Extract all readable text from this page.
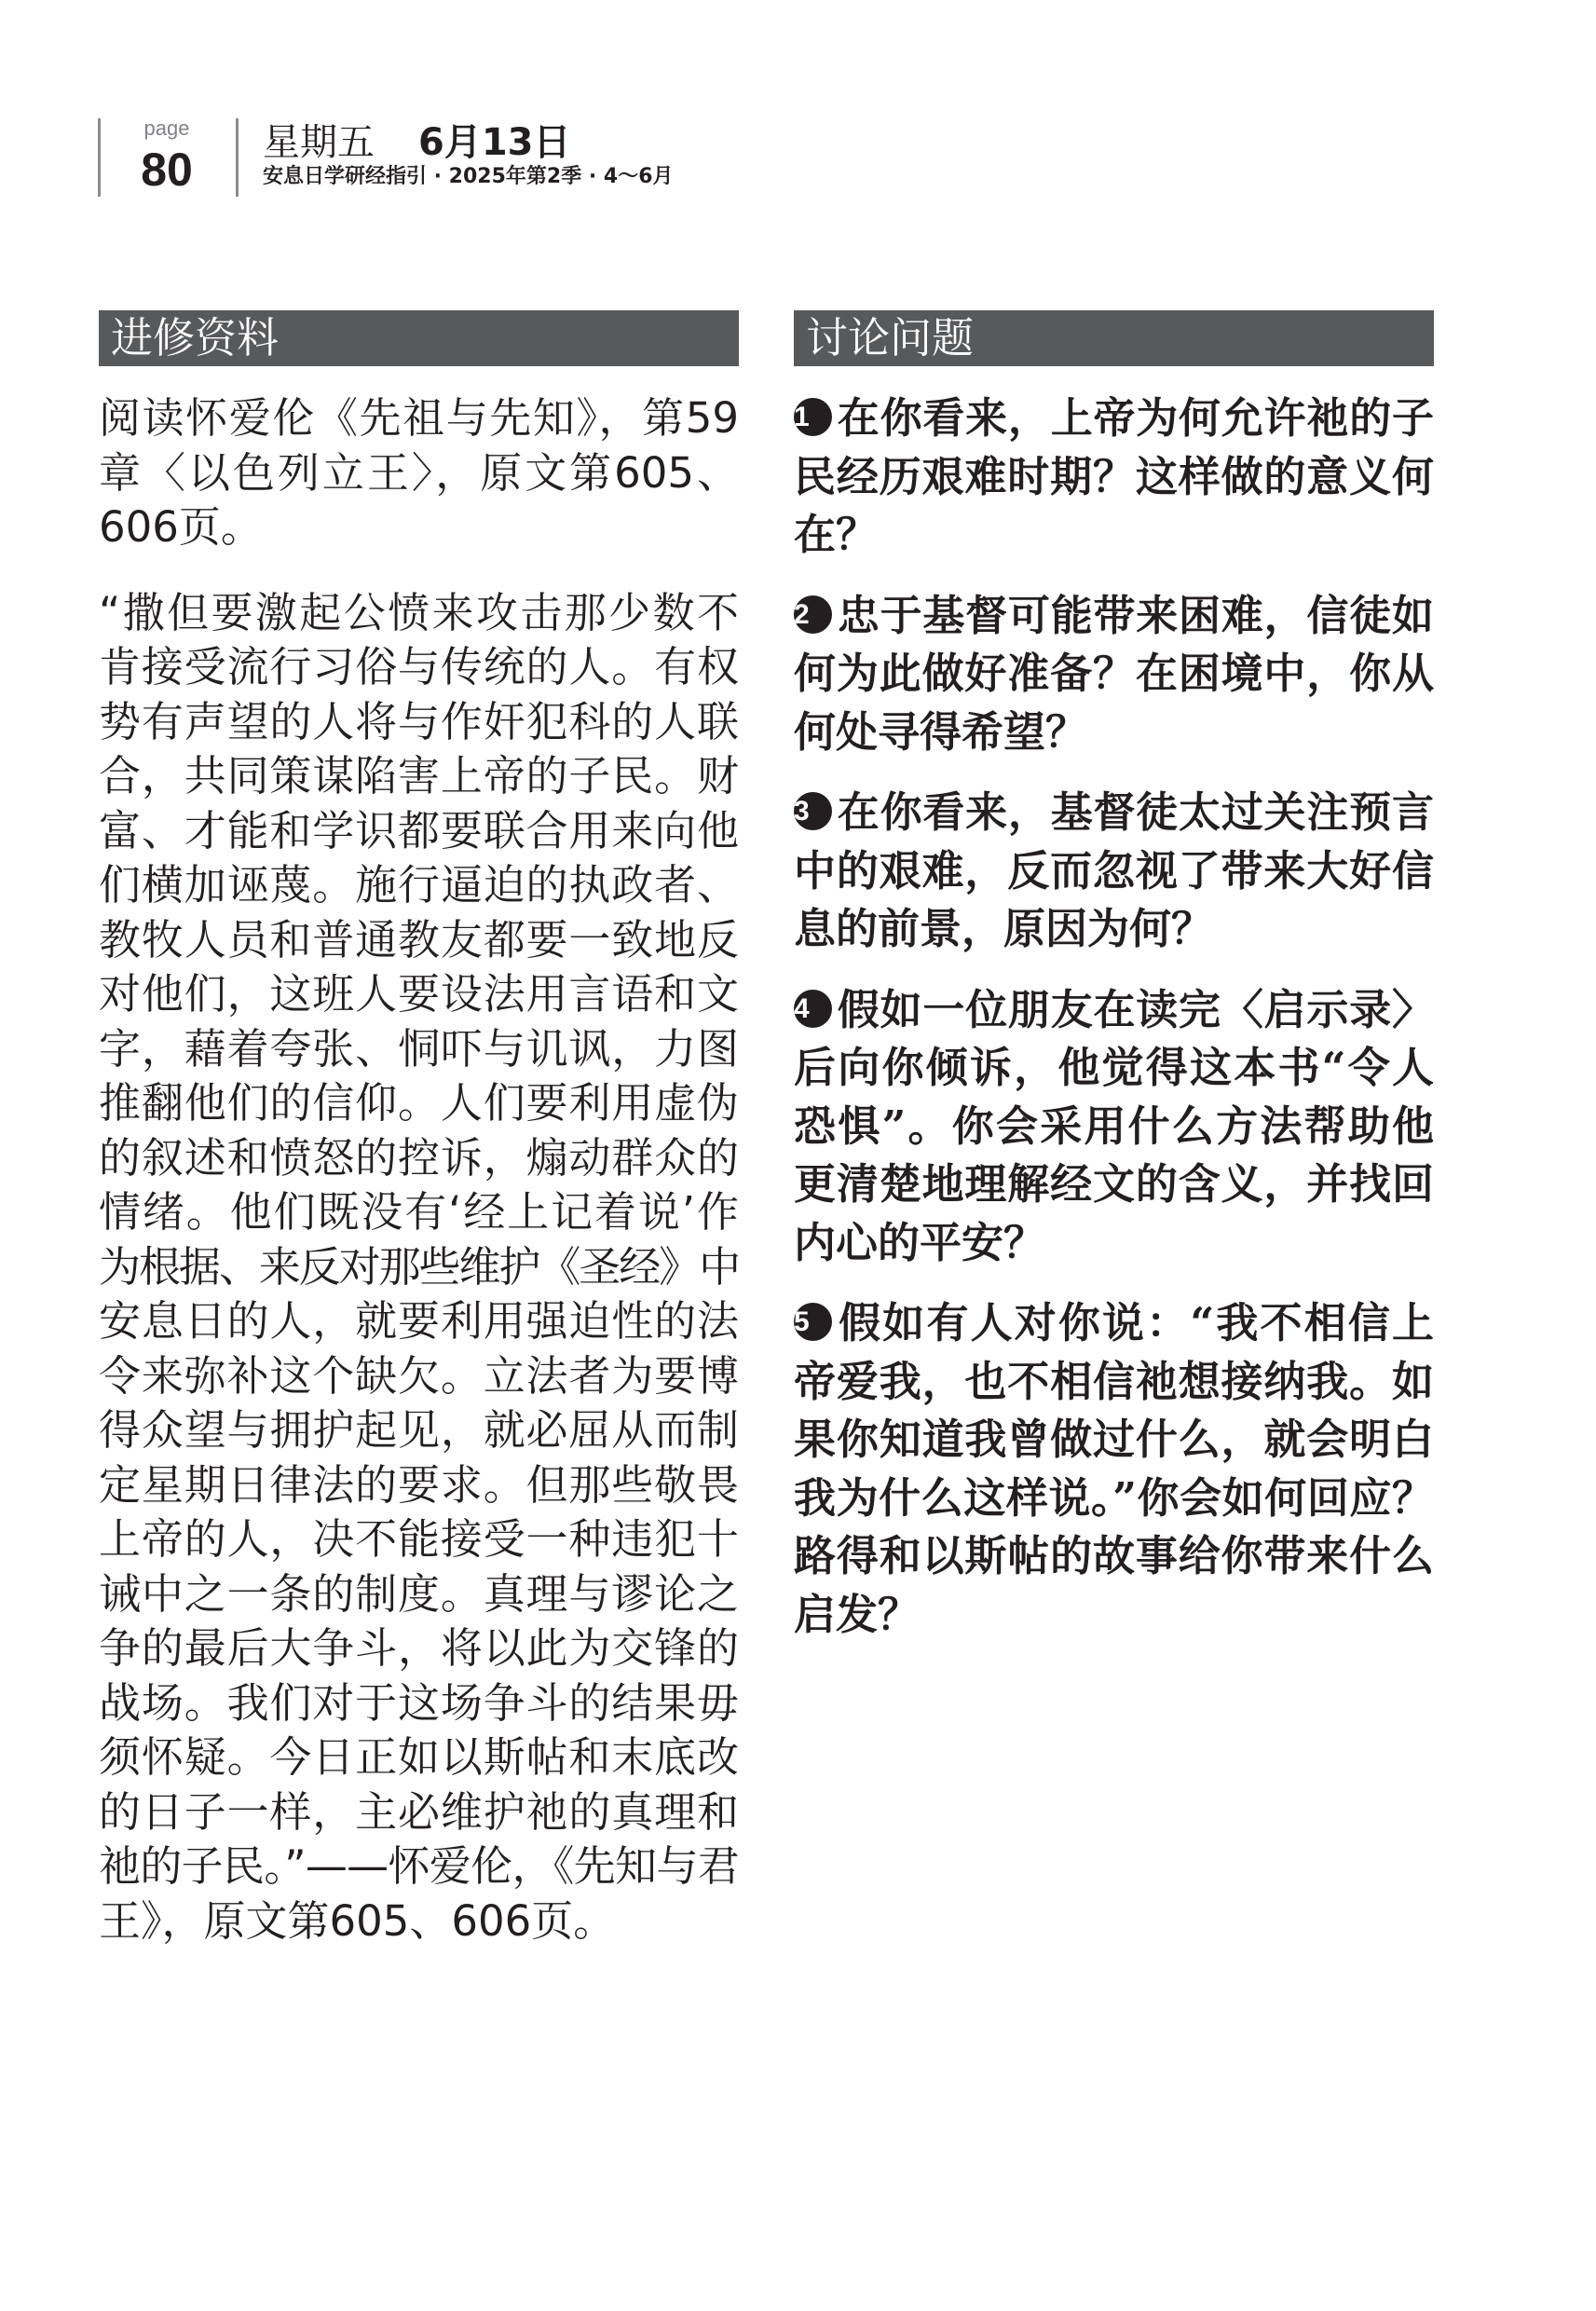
page
80
星期五 6月13日
安息日学研经指引 · 2025年第2季 · 4～6月
进修资料	讨论问题
阅读怀爱伦《先祖与先知》，第59
章〈以色列立王〉，原文第605、
606页。
“撒但要激起公愤来攻击那少数不
肯接受流行习俗与传统的人。有权
势有声望的人将与作奸犯科的人联
合，共同策谋陷害上帝的子民。财
富、才能和学识都要联合用来向他
们横加诬蔑。施行逼迫的执政者、
教牧人员和普通教友都要一致地反
对他们，这班人要设法用言语和文
字，藉着夸张、恫吓与讥讽，力图
推翻他们的信仰。人们要利用虚伪
的叙述和愤怒的控诉，煽动群众的
情绪。他们既没有‘经上记着说’作
为根据、来反对那些维护《圣经》中
安息日的人，就要利用强迫性的法
令来弥补这个缺欠。立法者为要博
得众望与拥护起见，就必屈从而制
定星期日律法的要求。但那些敬畏
上帝的人，决不能接受一种违犯十
诫中之一条的制度。真理与谬论之
争的最后大争斗，将以此为交锋的
战场。我们对于这场争斗的结果毋
须怀疑。今日正如以斯帖和末底改
的日子一样，主必维护祂的真理和
祂的子民。”——怀爱伦，《先知与君
王》，原文第605、606页。
1 在你看来，上帝为何允许祂的子
民经历艰难时期？这样做的意义何
在？
2 忠于基督可能带来困难，信徒如
何为此做好准备？在困境中，你从
何处寻得希望？
3 在你看来，基督徒太过关注预言
中的艰难，反而忽视了带来大好信
息的前景，原因为何？
4 假如一位朋友在读完〈启示录〉
后向你倾诉，他觉得这本书“令人
恐惧”。你会采用什么方法帮助他
更清楚地理解经文的含义，并找回
内心的平安？
5 假如有人对你说：“我不相信上
帝爱我，也不相信祂想接纳我。如
果你知道我曾做过什么，就会明白
我为什么这样说。”你会如何回应？
路得和以斯帖的故事给你带来什么
启发？
